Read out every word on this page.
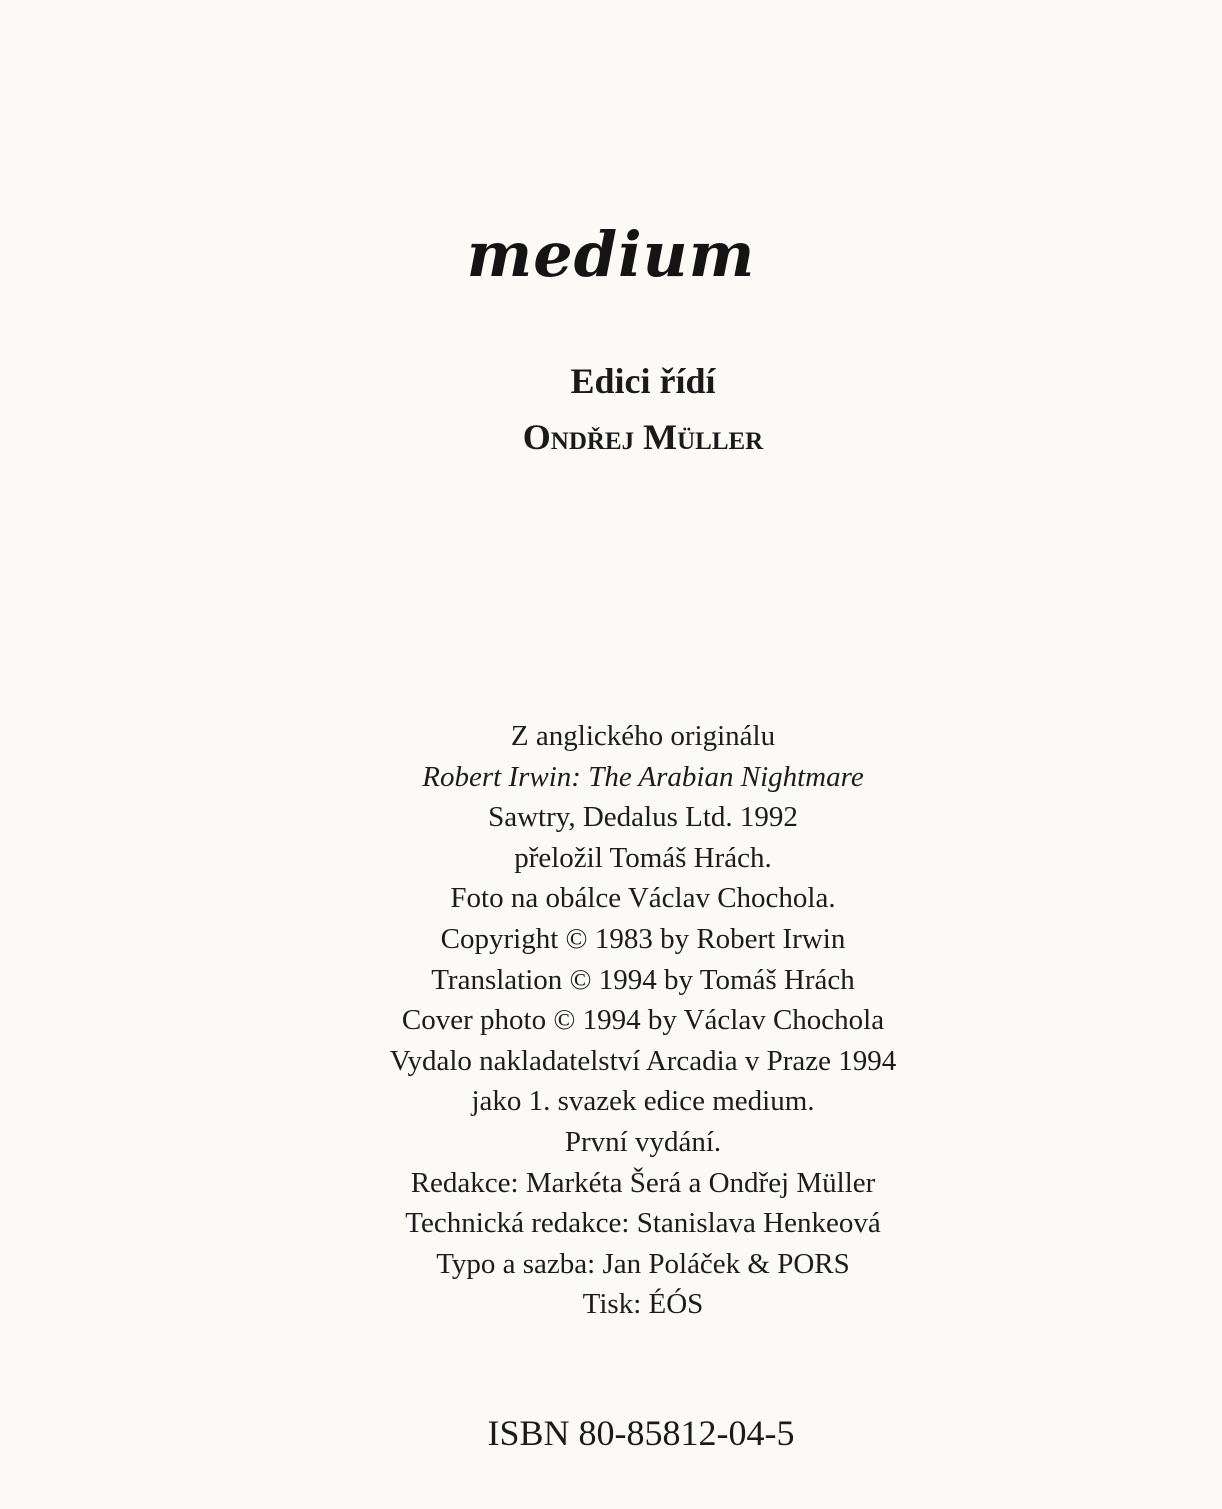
medium
Edici řídí
Ondřej Müller
Z anglického originálu
Robert Irwin: The Arabian Nightmare
Sawtry, Dedalus Ltd. 1992
přeložil Tomáš Hrách.
Foto na obálce Václav Chochola.
Copyright © 1983 by Robert Irwin
Translation © 1994 by Tomáš Hrách
Cover photo © 1994 by Václav Chochola
Vydalo nakladatelství Arcadia v Praze 1994
jako 1. svazek edice medium.
První vydání.
Redakce: Markéta Šerá a Ondřej Müller
Technická redakce: Stanislava Henkeová
Typo a sazba: Jan Poláček & PORS
Tisk: ÉÓS
ISBN 80-85812-04-5
